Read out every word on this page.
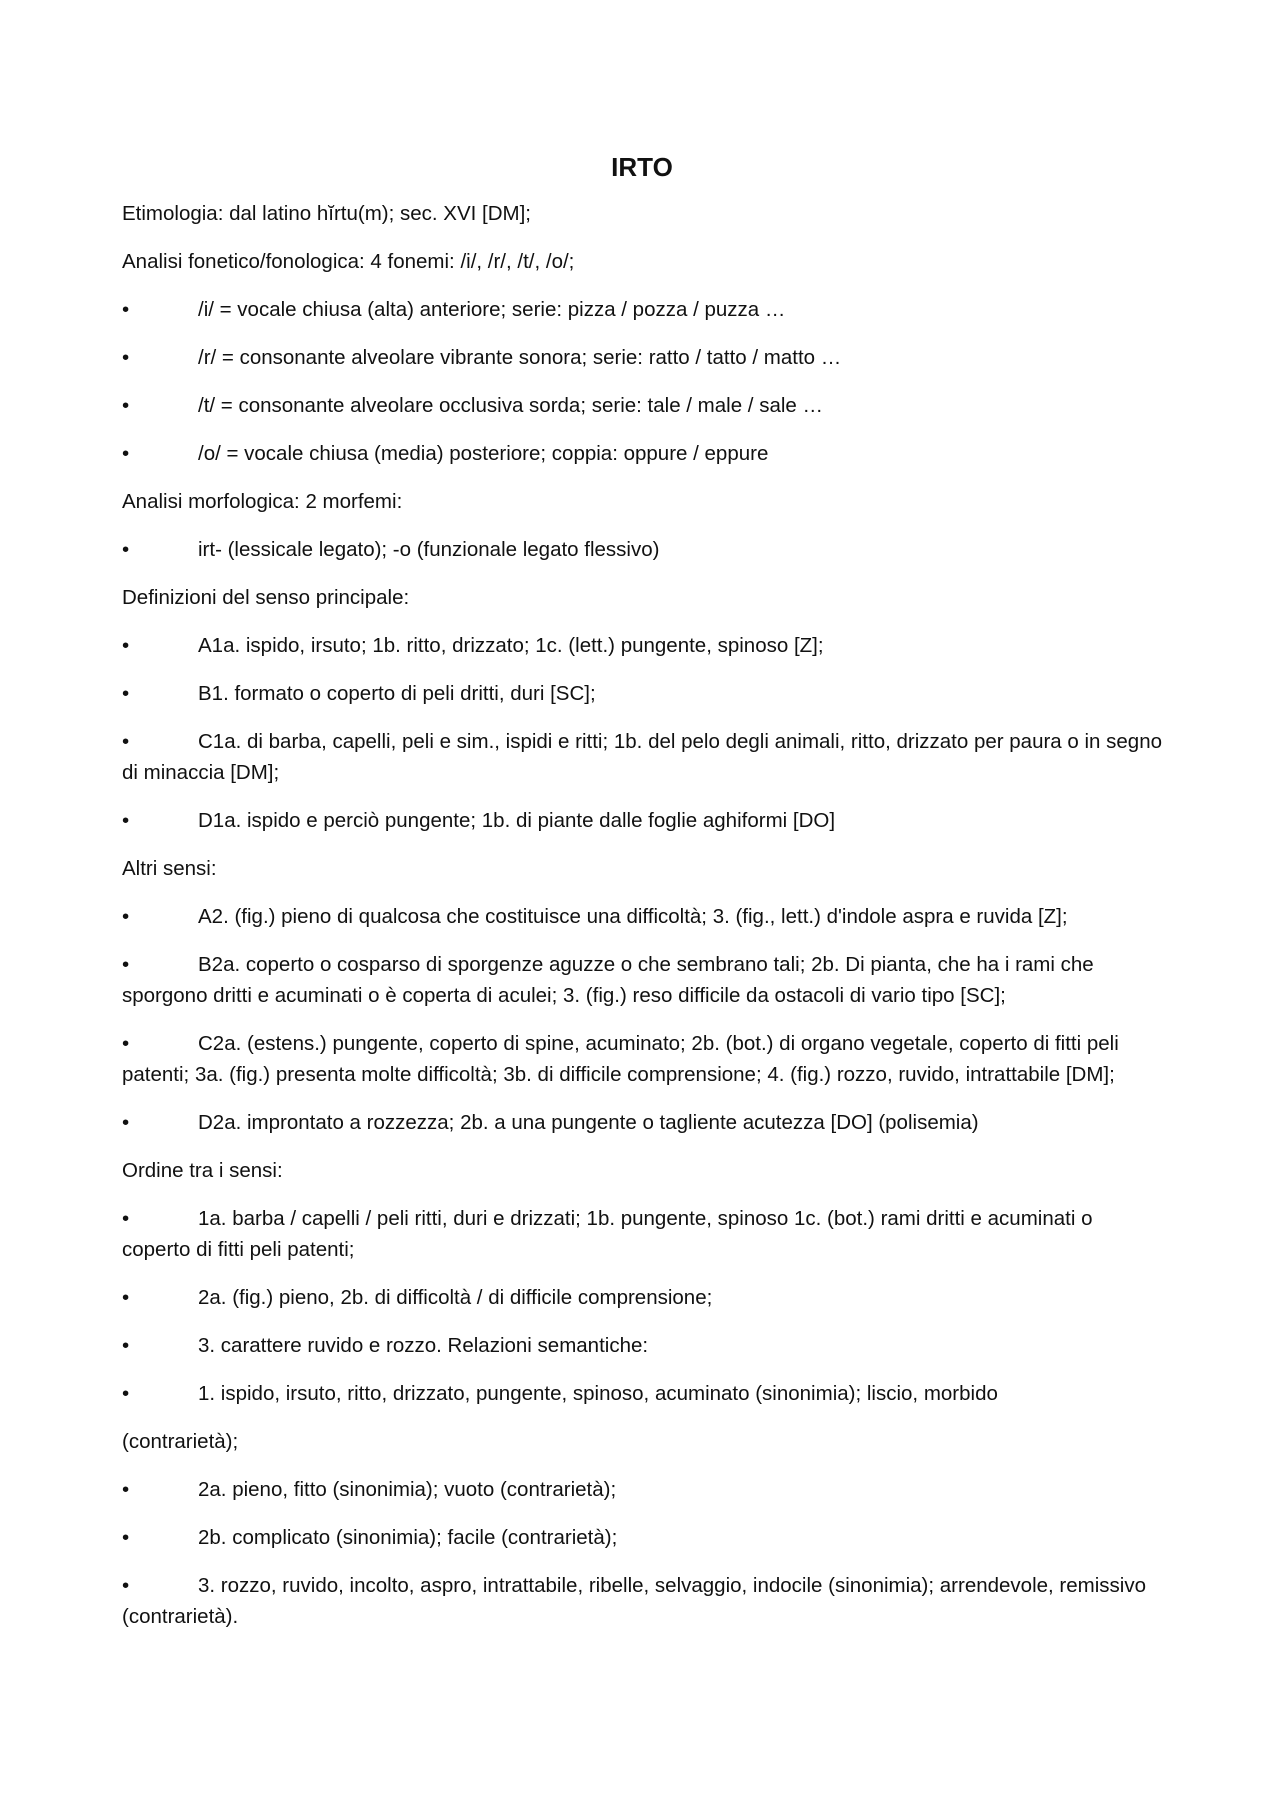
IRTO
Etimologia: dal latino hĭrtu(m); sec. XVI [DM];
Analisi fonetico/fonologica: 4 fonemi: /i/, /r/, /t/, /o/;
•	/i/ = vocale chiusa (alta) anteriore; serie: pizza / pozza / puzza …
•	/r/ = consonante alveolare vibrante sonora; serie: ratto / tatto / matto …
•	/t/ = consonante alveolare occlusiva sorda; serie: tale / male / sale …
•	/o/ = vocale chiusa (media) posteriore; coppia: oppure / eppure
Analisi morfologica: 2 morfemi:
•	irt- (lessicale legato); -o (funzionale legato flessivo)
Definizioni del senso principale:
•	A1a. ispido, irsuto; 1b. ritto, drizzato; 1c. (lett.) pungente, spinoso [Z];
•	B1. formato o coperto di peli dritti, duri [SC];
•	C1a. di barba, capelli, peli e sim., ispidi e ritti; 1b. del pelo degli animali, ritto, drizzato per paura o in segno di minaccia [DM];
•	D1a. ispido e perciò pungente; 1b. di piante dalle foglie aghiformi [DO]
Altri sensi:
•	A2. (fig.) pieno di qualcosa che costituisce una difficoltà; 3. (fig., lett.) d'indole aspra e ruvida [Z];
•	B2a. coperto o cosparso di sporgenze aguzze o che sembrano tali; 2b. Di pianta, che ha i rami che sporgono dritti e acuminati o è coperta di aculei; 3. (fig.) reso difficile da ostacoli di vario tipo [SC];
•	C2a. (estens.) pungente, coperto di spine, acuminato; 2b. (bot.) di organo vegetale, coperto di fitti peli patenti; 3a. (fig.) presenta molte difficoltà; 3b. di difficile comprensione; 4. (fig.) rozzo, ruvido, intrattabile [DM];
•	D2a. improntato a rozzezza; 2b. a una pungente o tagliente acutezza [DO] (polisemia)
Ordine tra i sensi:
•	1a. barba / capelli / peli ritti, duri e drizzati; 1b. pungente, spinoso 1c. (bot.) rami dritti e acuminati o coperto di fitti peli patenti;
•	2a. (fig.) pieno, 2b. di difficoltà / di difficile comprensione;
•	3. carattere ruvido e rozzo. Relazioni semantiche:
•	1. ispido, irsuto, ritto, drizzato, pungente, spinoso, acuminato (sinonimia); liscio, morbido
(contrarietà);
•	2a. pieno, fitto (sinonimia); vuoto (contrarietà);
•	2b. complicato (sinonimia); facile (contrarietà);
•	3. rozzo, ruvido, incolto, aspro, intrattabile, ribelle, selvaggio, indocile (sinonimia); arrendevole, remissivo (contrarietà).
